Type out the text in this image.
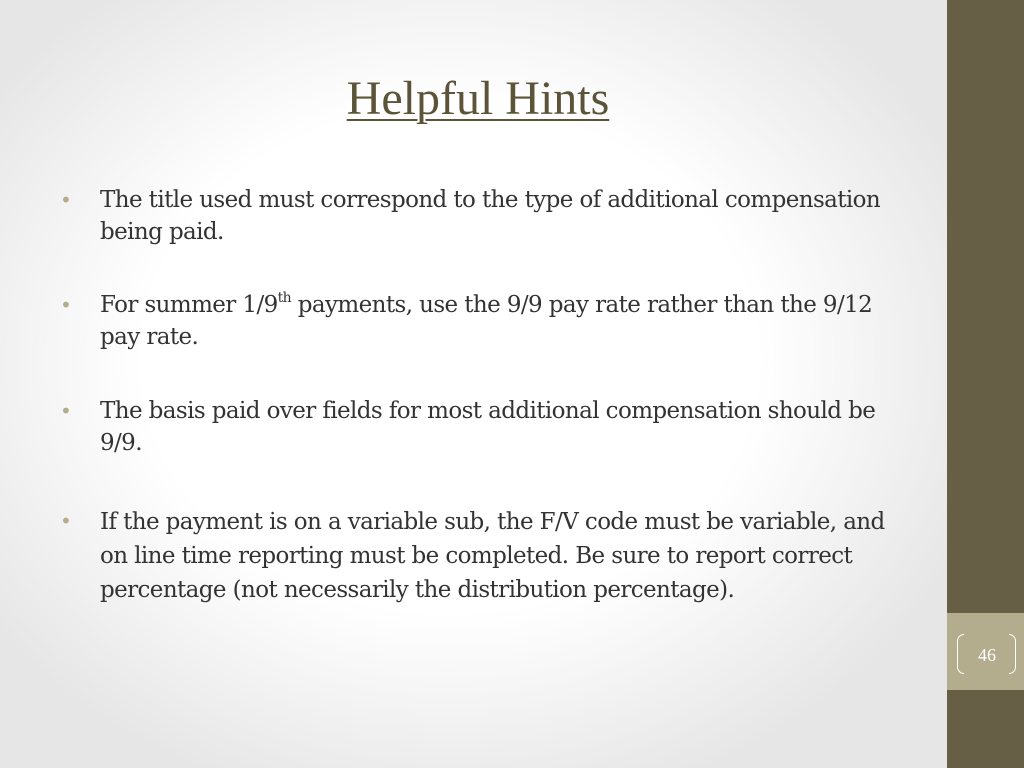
46
Helpful Hints
• The title used must correspond to the type of additional compensation being paid.

• For summer 1/9th payments, use the 9/9 pay rate rather than the 9/12 pay rate.

• The basis paid over fields for most additional compensation should be 9/9.

• If the payment is on a variable sub, the F/V code must be variable, and on line time reporting must be completed. Be sure to report correct percentage (not necessarily the distribution percentage).
